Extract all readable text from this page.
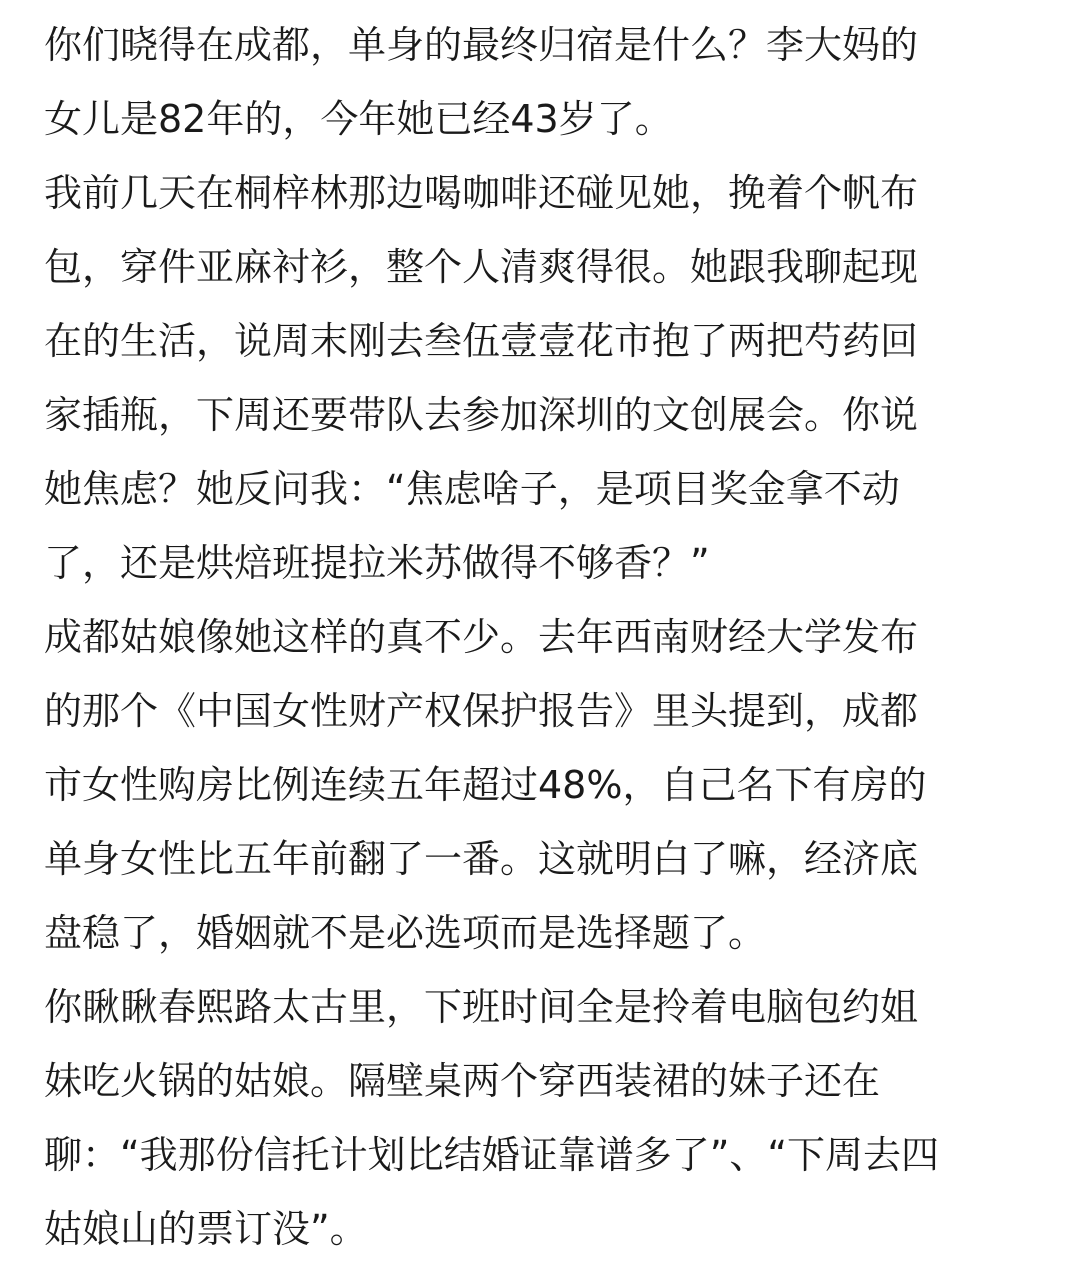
你们晓得在成都，单身的最终归宿是什么？李大妈的
女儿是82年的，今年她已经43岁了。

我前几天在桐梓林那边喝咖啡还碰见她，挽着个帆布
包，穿件亚麻衬衫，整个人清爽得很。她跟我聊起现
在的生活，说周末刚去叁伍壹壹花市抱了两把芍药回
家插瓶，下周还要带队去参加深圳的文创展会。你说
她焦虑？她反问我：“焦虑啥子，是项目奖金拿不动
了，还是烘焙班提拉米苏做得不够香？”

成都姑娘像她这样的真不少。去年西南财经大学发布
的那个《中国女性财产权保护报告》里头提到，成都
市女性购房比例连续五年超过48%，自己名下有房的
单身女性比五年前翻了一番。这就明白了嘛，经济底
盘稳了，婚姻就不是必选项而是选择题了。

你瞅瞅春熙路太古里，下班时间全是拎着电脑包约姐
妹吃火锅的姑娘。隔壁桌两个穿西装裙的妹子还在
聊：“我那份信托计划比结婚证靠谱多了”、“下周去四
姑娘山的票订没”。
